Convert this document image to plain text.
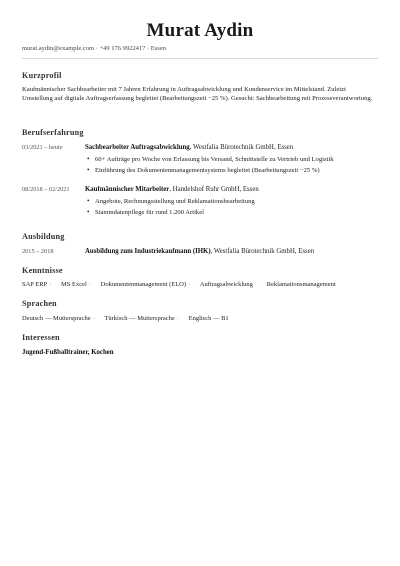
Murat Aydin
murat.aydin@example.com · +49 176 9922417 · Essen
Kurzprofil
Kaufmännischer Sachbearbeiter mit 7 Jahren Erfahrung in Auftragsabwicklung und Kundenservice im Mittelstand. Zuletzt Umstellung auf digitale Auftragserfassung begleitet (Bearbeitungszeit −25 %). Gesucht: Sachbearbeitung mit Prozessverantwortung.
Berufserfahrung
03/2021 – heute	Sachbearbeiter Auftragsabwicklung, Westfalia Bürotechnik GmbH, Essen
• 60+ Aufträge pro Woche von Erfassung bis Versand, Schnittstelle zu Vertrieb und Logistik
• Einführung des Dokumentenmanagementsystems begleitet (Bearbeitungszeit −25 %)
08/2018 – 02/2021	Kaufmännischer Mitarbeiter, Handelshof Ruhr GmbH, Essen
• Angebote, Rechnungsstellung und Reklamationsbearbeitung
• Stammdatenpflege für rund 1.200 Artikel
Ausbildung
2015 – 2018	Ausbildung zum Industriekaufmann (IHK), Westfalia Bürotechnik GmbH, Essen
Kenntnisse
SAP ERP · MS Excel · Dokumentenmanagement (ELO) · Auftragsabwicklung · Reklamationsmanagement
Sprachen
Deutsch — Muttersprache · Türkisch — Muttersprache · Englisch — B1
Interessen
Jugend-Fußballtrainer, Kochen
